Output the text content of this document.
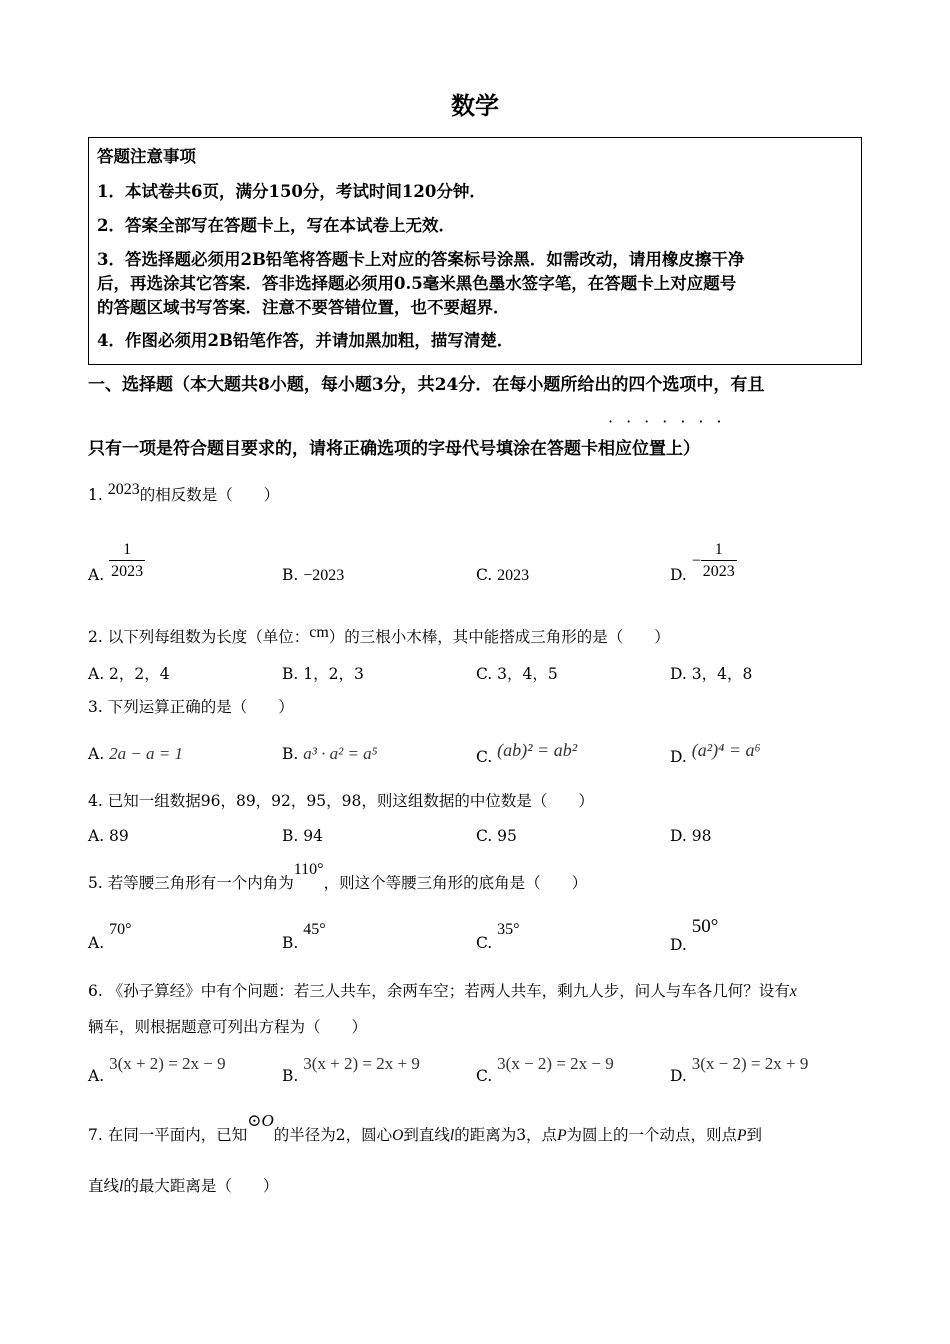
数学
答题注意事项
1．本试卷共6页，满分150分，考试时间120分钟．
2．答案全部写在答题卡上，写在本试卷上无效．
3．答选择题必须用2B铅笔将答题卡上对应的答案标号涂黑．如需改动，请用橡皮擦干净
后，再选涂其它答案．答非选择题必须用0.5毫米黑色墨水签字笔，在答题卡上对应题号
的答题区域书写答案．注意不要答错位置，也不要超界．
4．作图必须用2B铅笔作答，并请加黑加粗，描写清楚．
一、选择题（本大题共8小题，每小题3分，共24分．在每小题所给出的四个选项中，有且
·······
只有一项是符合题目要求的，请将正确选项的字母代号填涂在答题卡相应位置上）
1. 2023的相反数是（　　）
A. $\frac{1}{2023}$	B. −2023	C. 2023	D. − $\frac{1}{2023}$
2. 以下列每组数为长度（单位：cm）的三根小木棒，其中能搭成三角形的是（　　）
A. 2，2，4	B. 1，2，3	C. 3，4，5	D. 3，4，8
3. 下列运算正确的是（　　）
A. 2a − a = 1	B. a³ · a² = a⁵	C. (ab)² = ab²	D. (a²)⁴ = a⁶
4. 已知一组数据96，89，92，95，98，则这组数据的中位数是（　　）
A. 89	B. 94	C. 95	D. 98
5. 若等腰三角形有一个内角为110°，则这个等腰三角形的底角是（　　）
A. 70°
B. 45°
C. 35°
D. 50°
6. 《孙子算经》中有个问题：若三人共车，余两车空；若两人共车，剩九人步，问人与车各几何？设有x
辆车，则根据题意可列出方程为（　　）
A. 3(x + 2) = 2x − 9
B. 3(x + 2) = 2x + 9
C. 3(x − 2) = 2x − 9
D. 3(x − 2) = 2x + 9
7. 在同一平面内，已知⊙O的半径为2，圆心O到直线l的距离为3，点P为圆上的一个动点，则点P到
直线l的最大距离是（　　）
